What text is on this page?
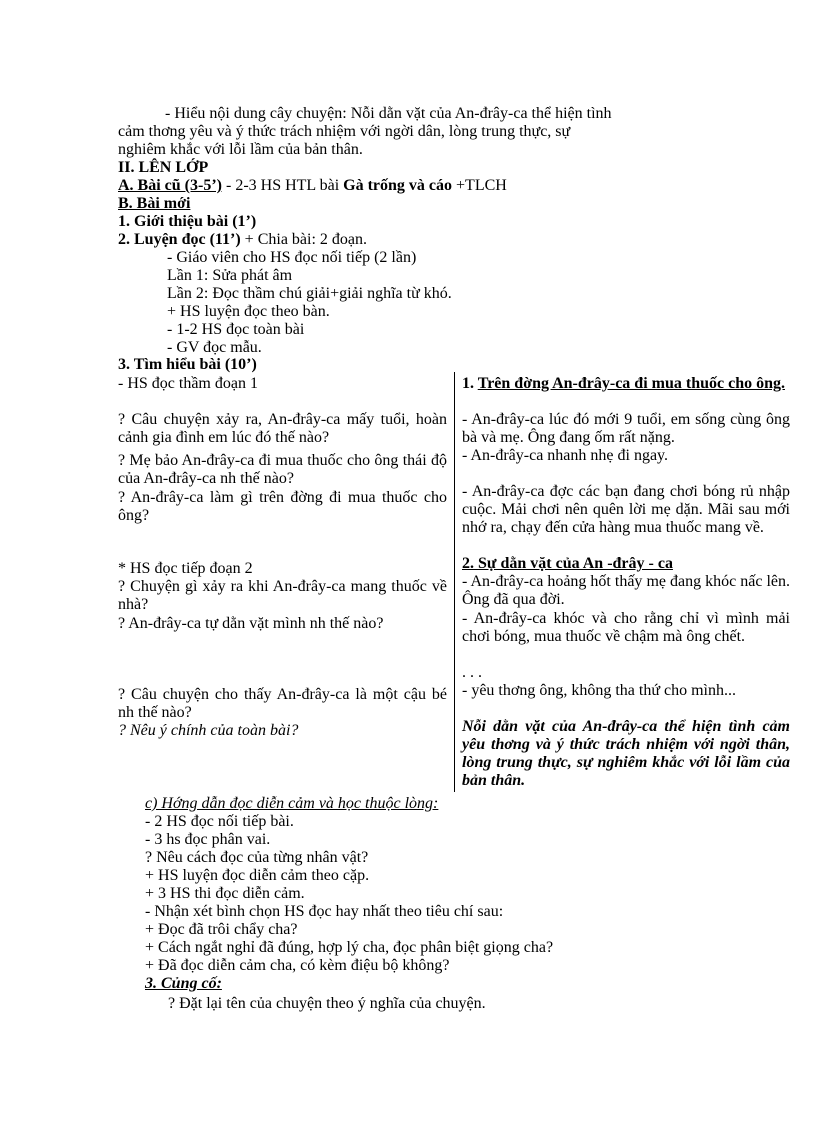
- Hiểu nội dung cây chuyện: Nỗi dằn vặt của An-đrây-ca thể hiện tình
cảm thơng yêu và ý thức trách nhiệm với ngời dân, lòng trung thực, sự
nghiêm khắc với lỗi lầm của bản thân.
II. LÊN LỚP
A. Bài cũ (3-5’) - 2-3 HS HTL bài Gà trống và cáo +TLCH
B. Bài mới
1. Giới thiệu bài (1’)
2. Luyện đọc (11’) + Chia bài: 2 đoạn.
- Giáo viên cho HS đọc nối tiếp (2 lần)
Lần 1: Sửa phát âm
Lần 2: Đọc thầm chú giải+giải nghĩa từ khó.
+ HS luyện đọc theo bàn.
- 1-2 HS đọc toàn bài
- GV đọc mẫu.
3. Tìm hiểu bài (10’)
- HS đọc thầm đoạn 1
? Câu chuyện xảy ra, An-đrây-ca mấy tuổi, hoàn cảnh gia đình em lúc đó thế nào?
? Mẹ bảo An-đrây-ca đi mua thuốc cho ông thái độ của An-đrây-ca nh thế nào?
? An-đrây-ca làm gì trên đờng đi mua thuốc cho ông?
* HS đọc tiếp đoạn 2
? Chuyện gì xảy ra khi An-đrây-ca mang thuốc về nhà?
? An-đrây-ca tự dằn vặt mình nh thế nào?
? Câu chuyện cho thấy An-đrây-ca là một cậu bé nh thế nào?
? Nêu ý chính của toàn bài?
1. Trên đờng An-đrây-ca đi mua thuốc cho ông.
- An-đrây-ca lúc đó mới 9 tuổi, em sống cùng ông bà và mẹ. Ông đang ốm rất nặng.
- An-đrây-ca nhanh nhẹ đi ngay.
- An-đrây-ca đợc các bạn đang chơi bóng rủ nhập cuộc. Mải chơi nên quên lời mẹ dặn. Mãi sau mới nhớ ra, chạy đến cửa hàng mua thuốc mang về.
2. Sự dằn vặt của An -đrây - ca
- An-đrây-ca hoảng hốt thấy mẹ đang khóc nấc lên. Ông đã qua đời.
- An-đrây-ca khóc và cho rằng chỉ vì mình mải chơi bóng, mua thuốc về chậm mà ông chết.
. . .
- yêu thơng ông, không tha thứ cho mình...
Nỗi dằn vặt của An-đrây-ca thể hiện tình cảm yêu thơng và ý thức trách nhiệm với ngời thân, lòng trung thực, sự nghiêm khắc với lỗi lầm của bản thân.
c) Hớng dẫn đọc diễn cảm và học thuộc lòng:
- 2 HS đọc nối tiếp bài.
- 3 hs đọc phân vai.
? Nêu cách đọc của từng nhân vật?
+ HS luyện đọc diễn cảm theo cặp.
+ 3 HS thi đọc diễn cảm.
- Nhận xét bình chọn HS đọc hay nhất theo tiêu chí sau:
+ Đọc đã trôi chẩy cha?
+ Cách ngắt nghỉ đã đúng, hợp lý cha, đọc phân biệt giọng cha?
+ Đã đọc diễn cảm cha, có kèm điệu bộ không?
3. Củng cố:
? Đặt lại tên của chuyện theo ý nghĩa của chuyện.
